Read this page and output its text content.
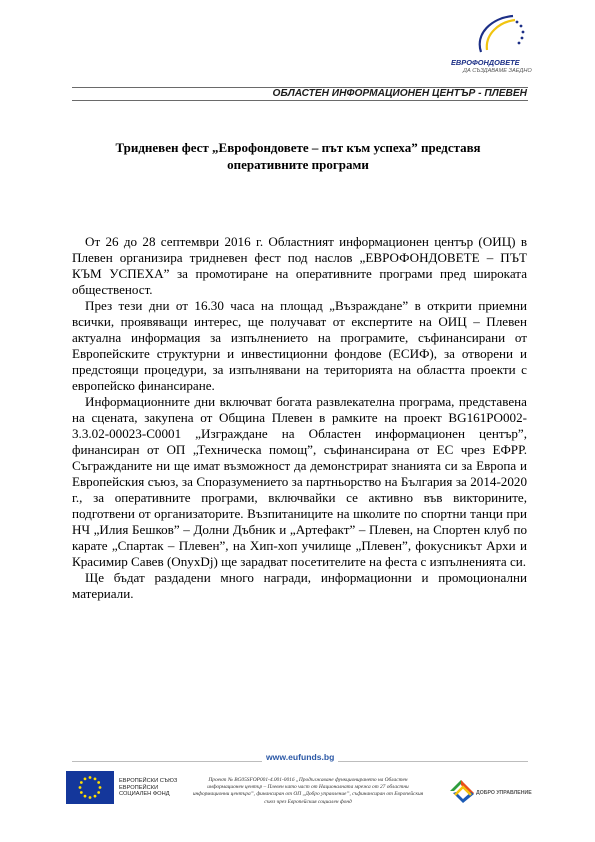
ЕВРОФОНДОВЕТЕ
ДА СЪЗДАВАМЕ ЗАЕДНО
ОБЛАСТЕН ИНФОРМАЦИОНЕН ЦЕНТЪР - ПЛЕВЕН
Тридневен фест „Еврофондовете – път към успеха” представя
оперативните програми

От 26 до 28 септември 2016 г. Областният информационен център (ОИЦ) в Плевен организира тридневен фест под наслов „ЕВРОФОНДОВЕТЕ – ПЪТ КЪМ УСПЕХА” за промотиране на оперативните програми пред широката общественост.

През тези дни от 16.30 часа на площад „Възраждане” в открити приемни всички, проявяващи интерес, ще получават от експертите на ОИЦ – Плевен актуална информация за изпълнението на програмите, съфинансирани от Европейските структурни и инвестиционни фондове (ЕСИФ), за отворени и предстоящи процедури, за изпълнявани на територията на областта проекти с европейско финансиране.

Информационните дни включват богата развлекателна програма, представена на сцената, закупена от Община Плевен в рамките на проект BG161PO002-3.3.02-00023-C0001 „Изграждане на Областен информационен център”, финансиран от ОП „Техническа помощ”, съфинансирана от ЕС чрез ЕФРР. Съгражданите ни ще имат възможност да демонстрират знанията си за Европа и Европейския съюз, за Споразумението за партньорство на България за 2014-2020 г., за оперативните програми, включвайки се активно във викторините, подготвени от организаторите. Възпитаниците на школите по спортни танци при НЧ „Илия Бешков” – Долни Дъбник и „Артефакт” – Плевен, на Спортен клуб по карате „Спартак – Плевен”, на Хип-хоп училище „Плевен”, фокусникът Архи и Красимир Савев (OnyxDj) ще зарадват посетителите на феста с изпълненията си.

Ще бъдат раздадени много награди, информационни и промоционални материали.

www.eufunds.bg
ЕВРОПЕЙСКИ СЪЮЗ
ЕВРОПЕЙСКИ
СОЦИАЛЕН ФОНД
Проект № BG05SFOP001-4.001-0016 „Продължаване функционирането на Областен информационен център – Плевен като част от Националната мрежа от 27 областни информационни центъра”, финансиран от ОП „Добро управление”, съфинансиран от Европейския съюз чрез Европейския социален фонд
ДОБРО УПРАВЛЕНИЕ
